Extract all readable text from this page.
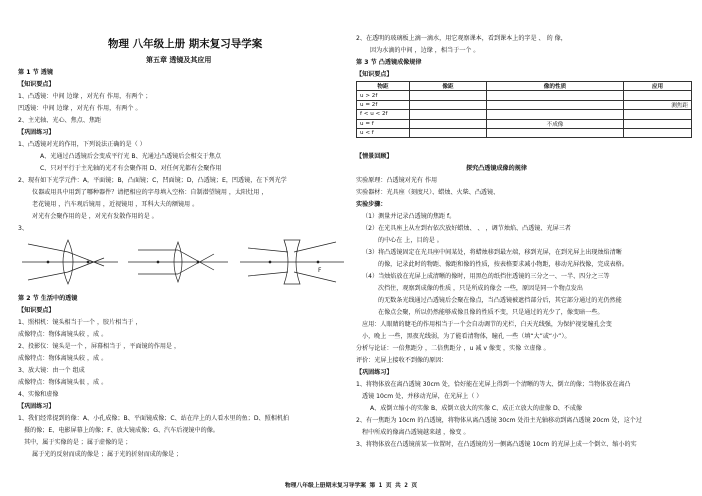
物理 八年级上册 期末复习导学案
第五章 透镜及其应用
第 1 节 透镜
【知识要点】
1、凸透镜：中间 边缘 ，对光有 作用，有两个 ；
凹透镜：中间 边缘 ，对光有 作用，有两个 。
2、主光轴、光心、焦点、焦距
【巩固练习】
1、凸透镜对光的作用，下列说法正确的是（ ）
A、光通过凸透镜后会变成平行光 B、光通过凸透镜后会相交于焦点
C、只对平行于主光轴的光才有会聚作用 D、对任何光都有会聚作用
2、现有如下光学元件：A，平面镜；B，凸面镜；C，凹面镜；D，凸透镜；E，凹透镜，在下列光学
仪器或用具中用到了哪种器件？请把相应的字母填入空格：自制潜望镜用 ，太阳灶用 ，
老花镜用 ，汽车观后镜用 ，近视镜用 ，耳科大夫的额镜用 。
对光有会聚作用的是 ，对光有发散作用的是 。
3、
第 2 节 生活中的透镜
【知识要点】
1、照相机：镜头相当于一个 ，胶片相当于 ，
成像特点：物体离镜头较 ，成 。
2、投影仪：镜头是一个 ，屏幕相当于 ，平面镜的作用是 ，
成像特点：物体离镜头较 ，成 。
3、放大镜：由一个 组成
成像特点：物体离镜头很 ，成 。
4、实像和虚像
【巩固练习】
1、我们经常提到的像：A、小孔成像；B、平面镜成像；C、站在岸上的人看水里的鱼；D、照相机拍
摄的像；E、电影屏幕上的像；F、放大镜成像；G、汽车后视镜中的像。
其中，属于实像的是 ；属于虚像的是 ；
属于光的反射而成的像是 ；属于光的折射而成的像是 ；
F
2、在透明的玻璃板上滴一滴水，用它观察课本，看到课本上的字是 、 的 像，
因为水滴的中间 ，边缘 ，相当于一个 。
第 3 节 凸透镜成像规律
【知识要点】
【情景回顾】
探究凸透镜成像的规律
实验原理：凸透镜对光有 作用
实验器材：光具座（刻度尺）、蜡烛、火柴、凸透镜、
实验步骤：
（1）测量并记录凸透镜的焦距 f。
（2）在光具座上从左到右依次放好蜡烛、 、 ，调节烛焰、凸透镜、光屏三者
的中心在 上，目的是 。
（3）将凸透镜固定在光具座中间某处，将蜡烛移到最左端，移到光屏，在到光屏上出现烛焰清晰
的像，记录此时的物距、像距和像的性质，按表格要求减小物距，移动光屏找像，完成表格。
（4）当烛焰放在光屏上成清晰的像时，用黑色的纸挡住透镜的三分之一、一半、四分之三等
次挡住，观察到成像的性质 ，只是所成的像会 一些，原因是同一个物点发出
的无数条光线通过凸透镜后会聚在像点，当凸透镜被遮挡部分后，其它部分通过的光仍然能
在像点会聚，所以仍然能够成像且像的性质不变，只是通过的光少了，像变暗一些。
应用：人眼睛的睫毛的作用相当于一个会自动调节的光栏，白天光线强，为保护视觉瞳孔会变
小，晚上 一些，黑夜光线弱，为了能看清物体，瞳孔 一些（填“大”或“小”）。
分析与论证：一倍焦距分 ，二倍焦距分 ，u 减 v 像变 ，实像 立虚像 。
评价：光屏上接收不到像的原因：
【巩固练习】
1、将物体放在离凸透镜 30cm 处，恰好能在光屏上得到一个清晰的等大、倒立的像；当物体放在离凸
透镜 10cm 处，并移动光屏，在光屏上（ ）
A、成倒立缩小的实像 B、成倒立放大的实像 C、成正立放大的虚像 D、不成像
2、有一焦距为 10cm 的凸透镜，将物体从离凸透镜 30cm 处沿主光轴移动到离凸透镜 20cm 处，这个过
程中所成的像离凸透镜越来越 ，像变 。
3、将物体放在凸透镜前某一位置时，在凸透镜的另一侧离凸透镜 10cm 的光屏上成一个倒立、缩小的实
物距	像距	像的性质	应用
u > 2f			
u = 2f			测焦距
f < u < 2f			
u = f		不成像	
u < f			
物理八年级上册期末复习导学案 第 1 页 共 2 页
